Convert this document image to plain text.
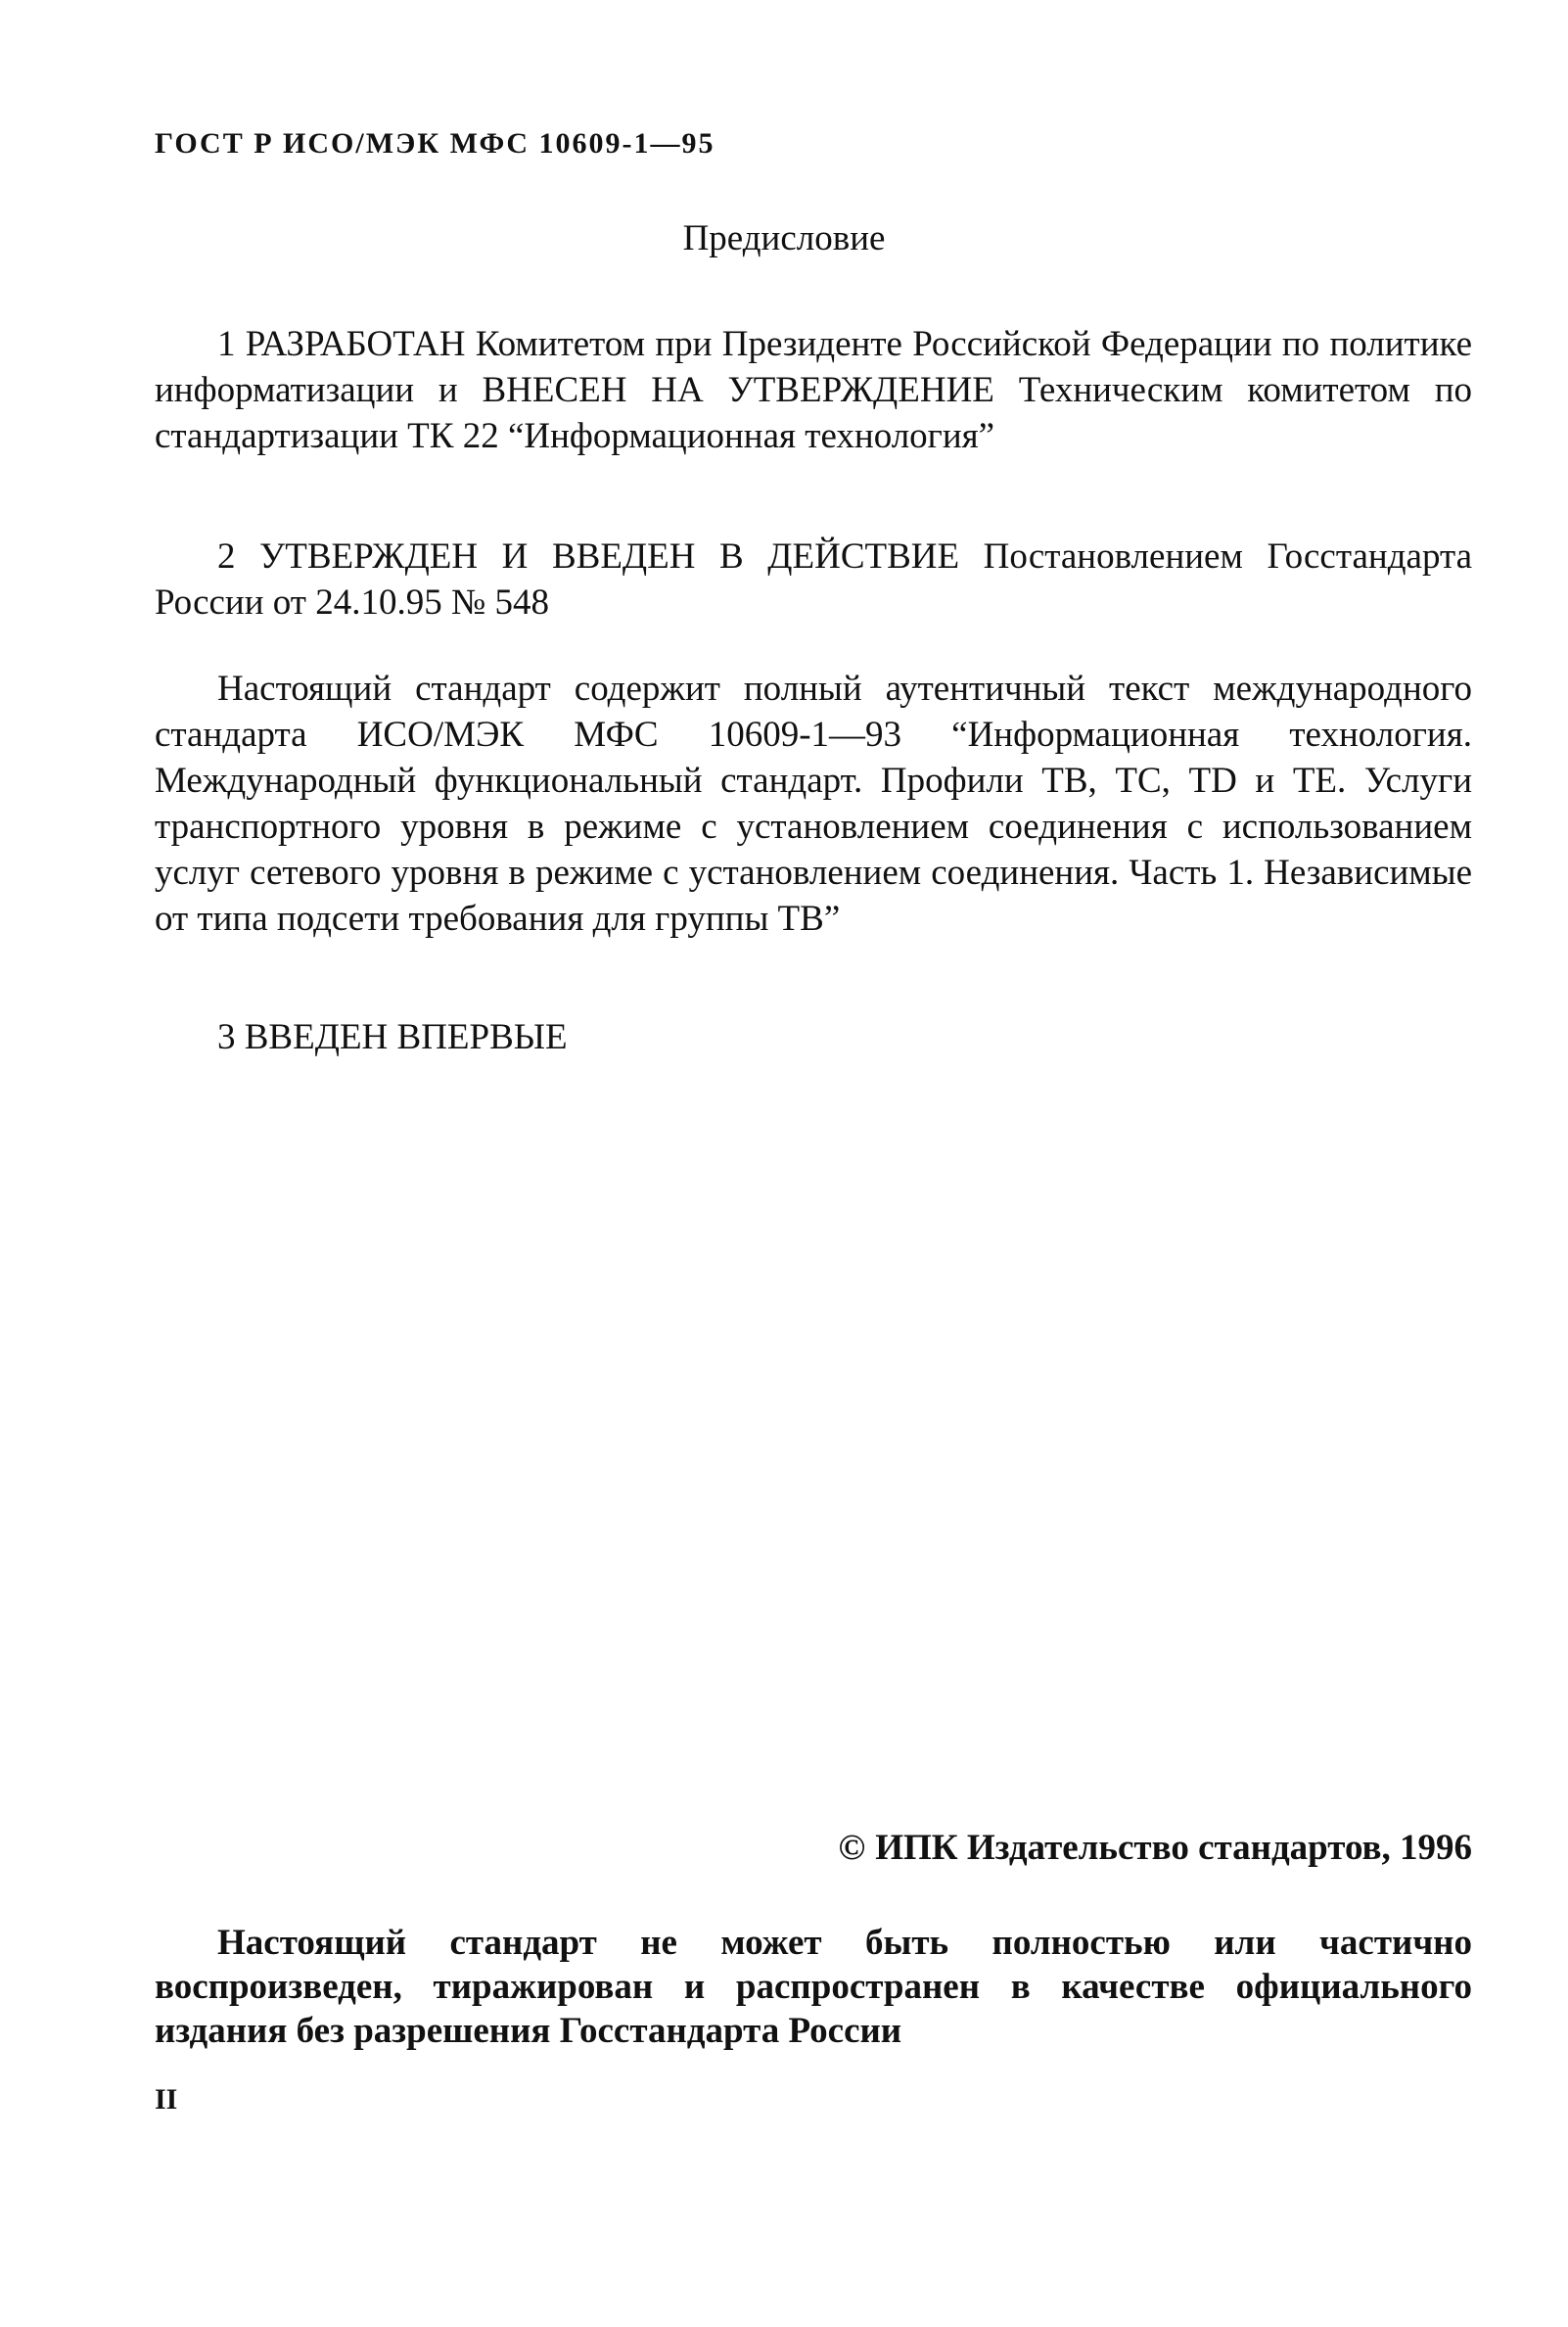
ГОСТ Р ИСО/МЭК МФС 10609-1—95
Предисловие

1 РАЗРАБОТАН Комитетом при Президенте Российской Федерации по политике информатизации и ВНЕСЕН НА УТВЕРЖДЕНИЕ Техническим комитетом по стандартизации ТК 22 “Информационная технология”

2 УТВЕРЖДЕН И ВВЕДЕН В ДЕЙСТВИЕ Постановлением Госстандарта России от 24.10.95 № 548

Настоящий стандарт содержит полный аутентичный текст международного стандарта ИСО/МЭК МФС 10609-1—93 “Информационная технология. Международный функциональный стандарт. Профили ТВ, ТС, TD и ТЕ. Услуги транспортного уровня в режиме с установлением соединения с использованием услуг сетевого уровня в режиме с установлением соединения. Часть 1. Независимые от типа подсети требования для группы ТВ”

3 ВВЕДЕН ВПЕРВЫЕ

© ИПК Издательство стандартов, 1996

Настоящий стандарт не может быть полностью или частично воспроизведен, тиражирован и распространен в качестве официального издания без разрешения Госстандарта России

II
